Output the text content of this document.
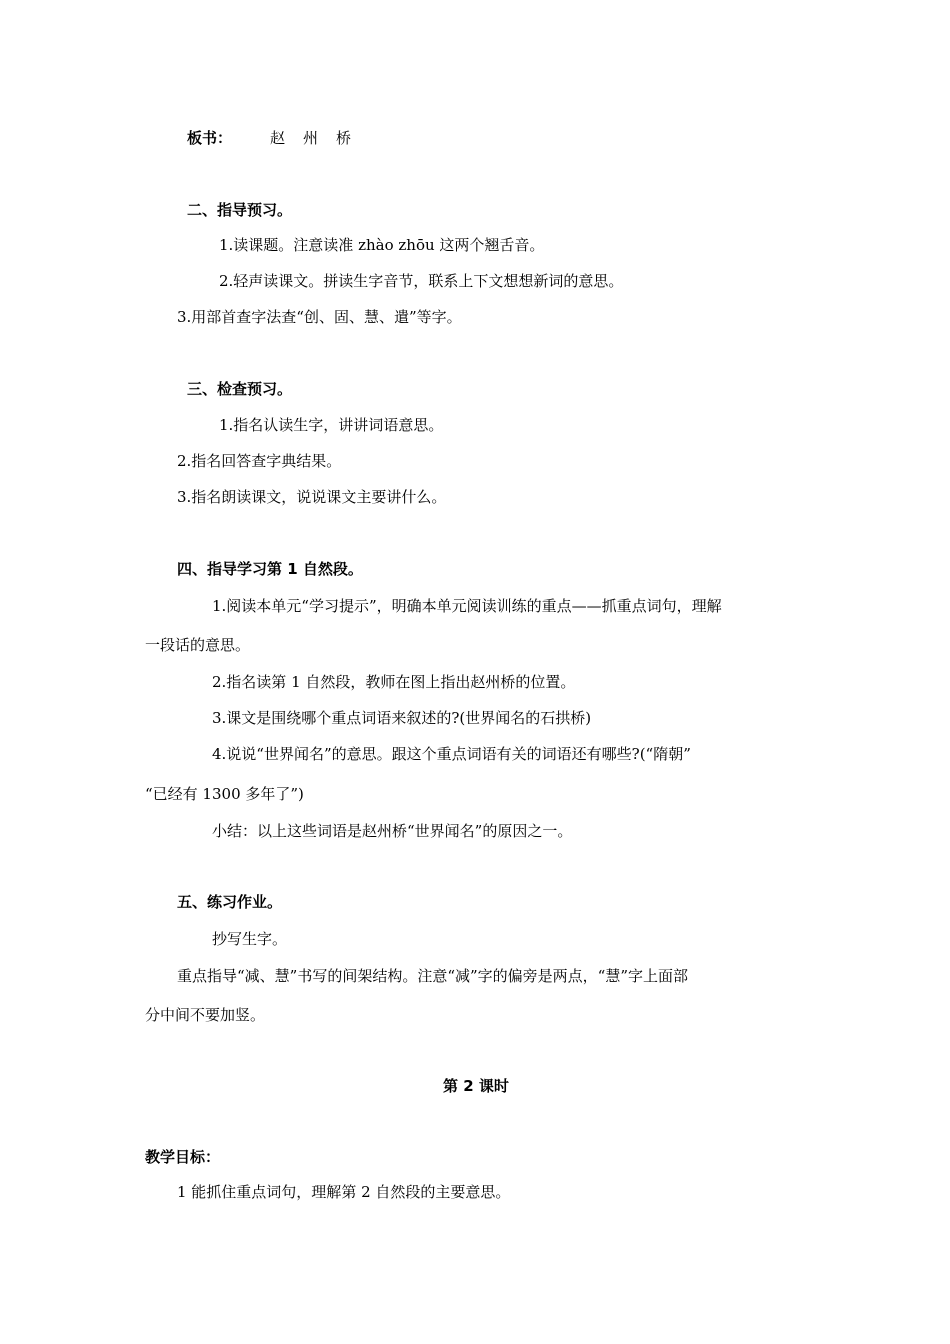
板书：	赵 州 桥
二、指导预习。
1.读课题。注意读准 zhào zhōu 这两个翘舌音。
2.轻声读课文。拼读生字音节，联系上下文想想新词的意思。
3.用部首查字法查“创、固、慧、遣”等字。
三、检查预习。
1.指名认读生字，讲讲词语意思。
2.指名回答查字典结果。
3.指名朗读课文，说说课文主要讲什么。
四、指导学习第 1 自然段。
1.阅读本单元“学习提示”，明确本单元阅读训练的重点——抓重点词句，理解
一段话的意思。
2.指名读第 1 自然段，教师在图上指出赵州桥的位置。
3.课文是围绕哪个重点词语来叙述的?(世界闻名的石拱桥)
4.说说“世界闻名”的意思。跟这个重点词语有关的词语还有哪些?(“隋朝”
“已经有 1300 多年了”)
小结：以上这些词语是赵州桥“世界闻名”的原因之一。
五、练习作业。
抄写生字。
重点指导“减、慧”书写的间架结构。注意“减”字的偏旁是两点，“慧”字上面部
分中间不要加竖。
第 2 课时
教学目标：
1 能抓住重点词句，理解第 2 自然段的主要意思。
